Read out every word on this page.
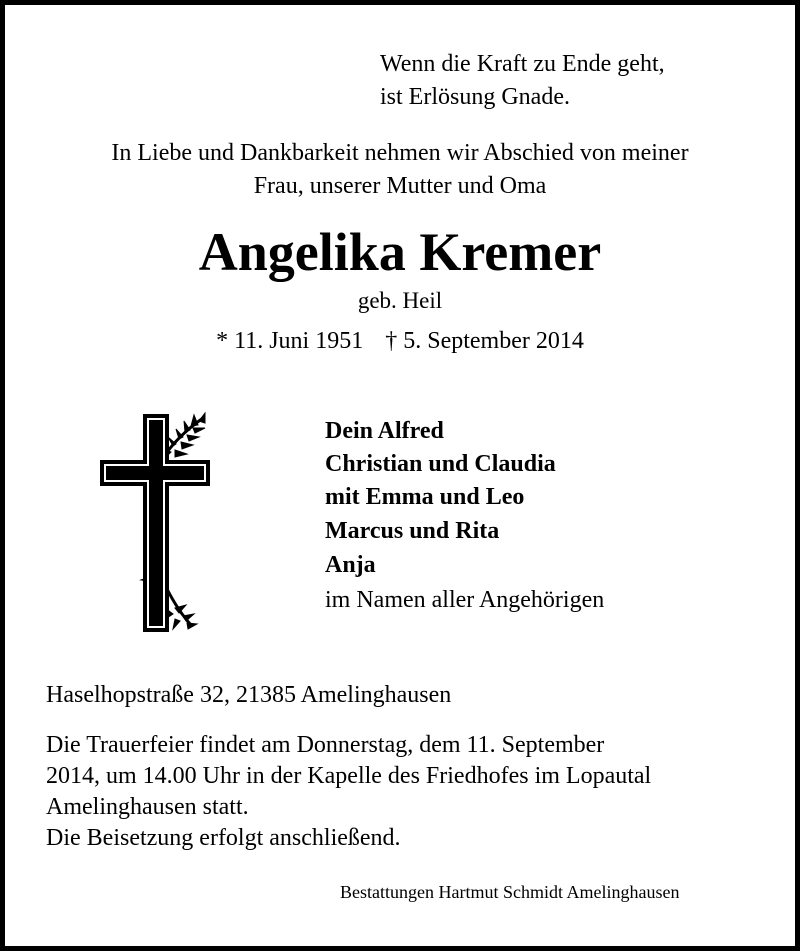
Wenn die Kraft zu Ende geht,
ist Erlösung Gnade.
In Liebe und Dankbarkeit nehmen wir Abschied von meiner
Frau, unserer Mutter und Oma
Angelika Kremer
geb. Heil
* 11. Juni 1951 † 5. September 2014
Dein Alfred
Christian und Claudia
mit Emma und Leo
Marcus und Rita
Anja
im Namen aller Angehörigen
Haselhopstraße 32, 21385 Amelinghausen
Die Trauerfeier findet am Donnerstag, dem 11. September
2014, um 14.00 Uhr in der Kapelle des Friedhofes im Lopautal
Amelinghausen statt.
Die Beisetzung erfolgt anschließend.
Bestattungen Hartmut Schmidt Amelinghausen
